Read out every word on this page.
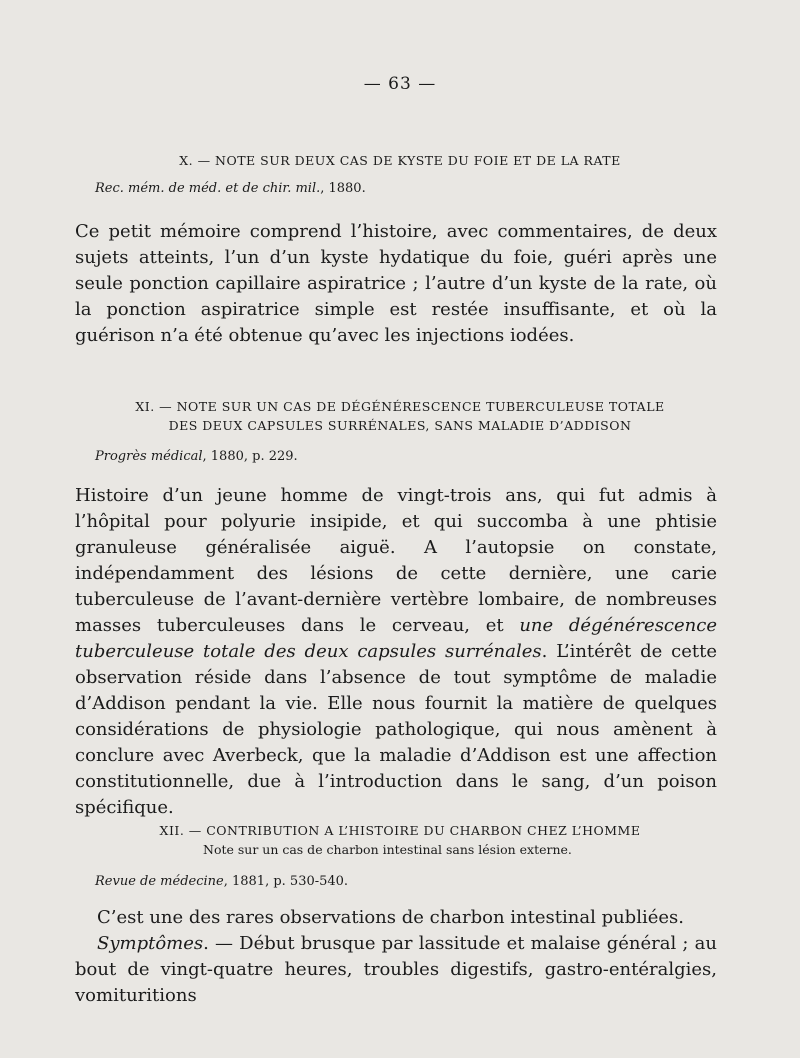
— 63 —
X. — NOTE SUR DEUX CAS DE KYSTE DU FOIE ET DE LA RATE
Rec. mém. de méd. et de chir. mil., 1880.
Ce petit mémoire comprend l’histoire, avec commentaires, de deux sujets atteints, l’un d’un kyste hydatique du foie, guéri après une seule ponction capillaire aspiratrice ; l’autre d’un kyste de la rate, où la ponction aspiratrice simple est restée insuffisante, et où la guérison n’a été obtenue qu’avec les injections iodées.
XI. — NOTE SUR UN CAS DE DÉGÉNÉRESCENCE TUBERCULEUSE TOTALE
DES DEUX CAPSULES SURRÉNALES, SANS MALADIE D’ADDISON
Progrès médical, 1880, p. 229.
Histoire d’un jeune homme de vingt-trois ans, qui fut admis à l’hôpital pour polyurie insipide, et qui succomba à une phtisie granuleuse généralisée aiguë. A l’autopsie on constate, indépendamment des lésions de cette dernière, une carie tuberculeuse de l’avant-dernière vertèbre lombaire, de nombreuses masses tuberculeuses dans le cerveau, et une dégénérescence tuberculeuse totale des deux capsules surrénales. L’intérêt de cette observation réside dans l’absence de tout symptôme de maladie d’Addison pendant la vie. Elle nous fournit la matière de quelques considérations de physiologie pathologique, qui nous amènent à conclure avec Averbeck, que la maladie d’Addison est une affection constitutionnelle, due à l’introduction dans le sang, d’un poison spécifique.
XII. — CONTRIBUTION A L’HISTOIRE DU CHARBON CHEZ L’HOMME
Note sur un cas de charbon intestinal sans lésion externe.
Revue de médecine, 1881, p. 530-540.
C’est une des rares observations de charbon intestinal publiées.
Symptômes. — Début brusque par lassitude et malaise général ; au bout de vingt-quatre heures, troubles digestifs, gastro-entéralgies, vomituritions
